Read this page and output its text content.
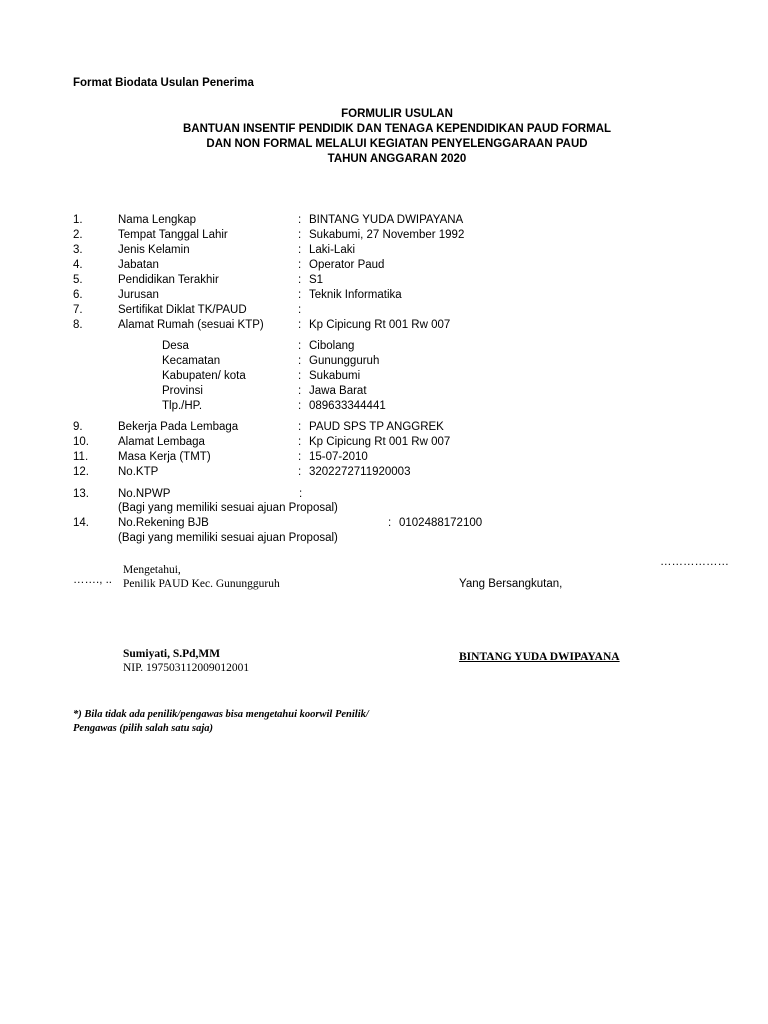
Format Biodata Usulan Penerima
FORMULIR USULAN
BANTUAN INSENTIF PENDIDIK DAN TENAGA KEPENDIDIKAN PAUD FORMAL
DAN NON FORMAL MELALUI KEGIATAN PENYELENGGARAAN PAUD
TAHUN ANGGARAN 2020
1.	Nama Lengkap	: BINTANG YUDA DWIPAYANA
2.	Tempat Tanggal Lahir	: Sukabumi, 27 November 1992
3.	Jenis Kelamin	: Laki-Laki
4.	Jabatan	: Operator Paud
5.	Pendidikan Terakhir	: S1
6.	Jurusan	: Teknik Informatika
7.	Sertifikat Diklat TK/PAUD	:
8.	Alamat Rumah (sesuai KTP)	: Kp Cipicung Rt 001 Rw 007
Desa	: Cibolang
Kecamatan	: Gunungguruh
Kabupaten/ kota	: Sukabumi
Provinsi	: Jawa Barat
Tlp./HP.	: 089633344441
9.	Bekerja Pada Lembaga	: PAUD SPS TP ANGGREK
10.	Alamat Lembaga	: Kp Cipicung Rt 001 Rw 007
11.	Masa Kerja (TMT)	: 15-07-2010
12.	No.KTP	: 3202272711920003
13.	No.NPWP	:
(Bagi yang memiliki sesuai ajuan Proposal)
14.	No.Rekening BJB	: 0102488172100
(Bagi yang memiliki sesuai ajuan Proposal)
………………
……., ..
Mengetahui,
Penilik PAUD Kec. Gunungguruh	Yang Bersangkutan,
Sumiyati, S.Pd,MM
NIP. 197503112009012001
BINTANG YUDA DWIPAYANA
*) Bila tidak ada penilik/pengawas bisa mengetahui koorwil Penilik/
Pengawas (pilih salah satu saja)
